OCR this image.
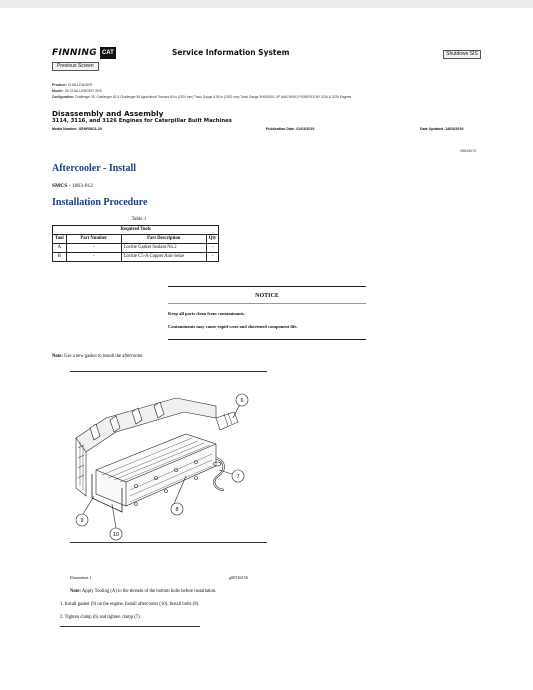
FINNING CAT	Service Information System
Previous Screen
Shutdown SIS
Product: CHALLENGER
Model: 35 CHALLENGER 3HS
Configuration: Challenger 35, Challenger 45 & Challenger 55 Agricultural Tractors 60 in (1524 mm) Track Gauge & 80 in (2032 mm) Track Gauge 3HS00001-UP (MACHINE) POWERED BY 3116 & 3126 Engines
Disassembly and Assembly
3114, 3116, and 3126 Engines for Caterpillar Built Machines
Media Number -SENR3611-20	Publication Date -01/03/2019	Date Updated -18/03/2019
i06818676
Aftercooler - Install
SMCS - 1063-012
Installation Procedure
Table 1
Required Tools			
Tool	Part Number	Part Description	Qty
A	-	Loctite Gasket Sealant No.2	-
B	-	Loctite C5-A Copper Anti-Seize	-
NOTICE
Keep all parts clean from contaminants.
Contaminants may cause rapid wear and shortened component life.
Note: Use a new gasket to install the aftercooler.
6
7
8
9
10
Illustration 1	g00746156
Note: Apply Tooling (A) to the threads of the bottom bolts before installation.
1. Install gasket (9) on the engine. Install aftercooler (10). Install bolts (8).
2. Tighten clamp (6) and tighten clamp (7).
